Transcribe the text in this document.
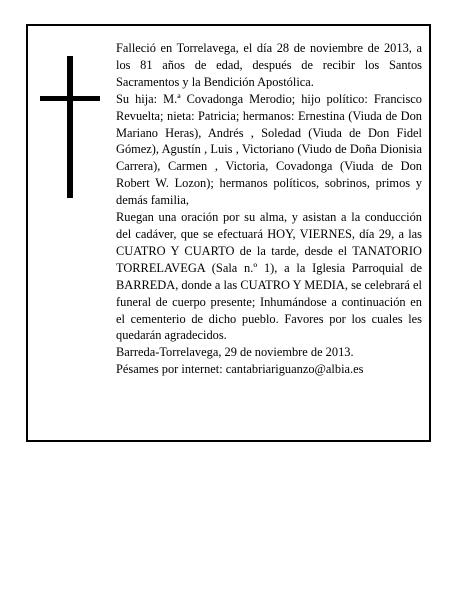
Falleció en Torrelavega, el día 28 de noviembre de 2013, a los 81 años de edad, después de recibir los Santos Sacramentos y la Bendición Apostólica.

Su hija: M.ª Covadonga Merodio; hijo político: Francisco Revuelta; nieta: Patricia; hermanos: Ernestina (Viuda de Don Mariano Heras), Andrés , Soledad (Viuda de Don Fidel Gómez), Agustín , Luis , Victoriano (Viudo de Doña Dionisia Carrera), Carmen , Victoria, Covadonga (Viuda de Don Robert W. Lozon); hermanos políticos, sobrinos, primos y demás familia,

Ruegan una oración por su alma, y asistan a la conducción del cadáver, que se efectuará HOY, VIERNES, día 29, a las CUATRO Y CUARTO de la tarde, desde el TANATORIO TORRELAVEGA (Sala n.º 1), a la Iglesia Parroquial de BARREDA, donde a las CUATRO Y MEDIA, se celebrará el funeral de cuerpo presente; Inhumándose a continuación en el cementerio de dicho pueblo. Favores por los cuales les quedarán agradecidos.

Barreda-Torrelavega, 29 de noviembre de 2013.

Pésames por internet: cantabriariguanzo@albia.es
